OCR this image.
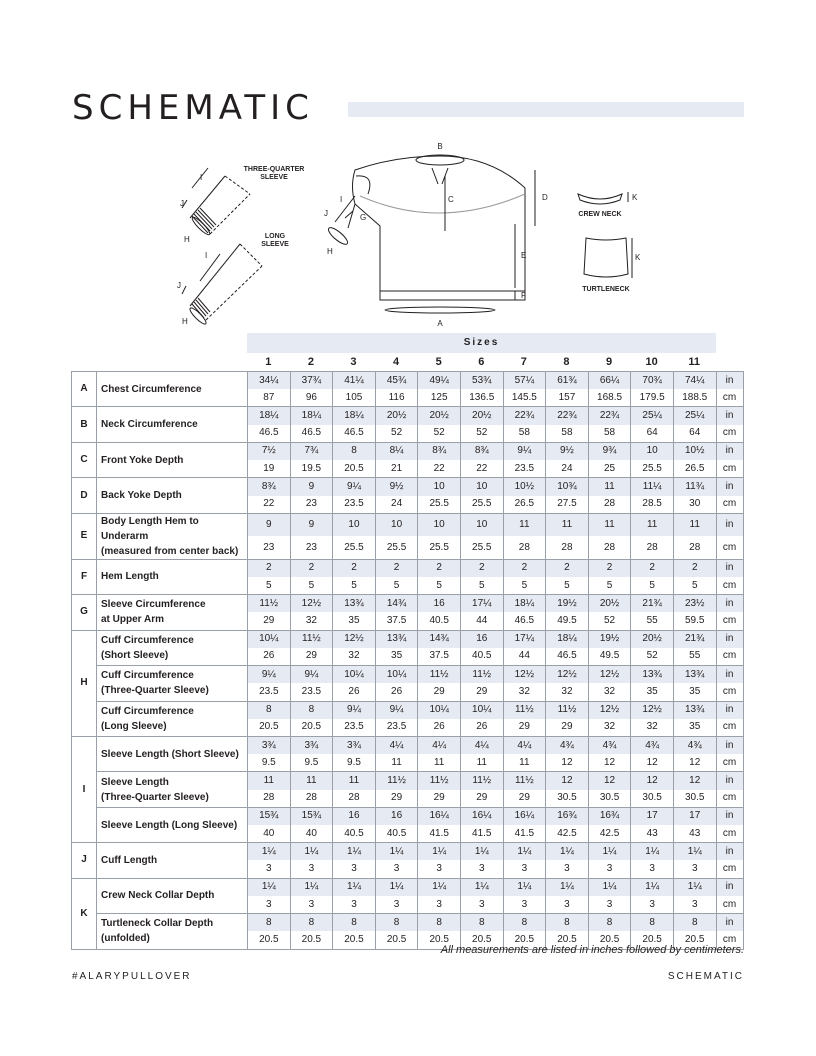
SCHEMATIC
I
J
H
THREE-QUARTER
SLEEVE
I
J
H
LONG
SLEEVE
B
C	D
E
F
A
G
I
J
H
K
CREW NECK
K
TURTLENECK
Sizes
1	2	3	4	5	6	7	8	9	10	11
A	Chest Circumference	34¼	37¾	41¼	45¾	49¼	53¾	57¼	61¾	66¼	70¾	74¼	in
		87	96	105	116	125	136.5	145.5	157	168.5	179.5	188.5	cm
B	Neck Circumference	18¼	18¼	18¼	20½	20½	20½	22¾	22¾	22¾	25¼	25¼	in
		46.5	46.5	46.5	52	52	52	58	58	58	64	64	cm
C	Front Yoke Depth	7½	7¾	8	8¼	8¾	8¾	9¼	9½	9¾	10	10½	in
		19	19.5	20.5	21	22	22	23.5	24	25	25.5	26.5	cm
D	Back Yoke Depth	8¾	9	9¼	9½	10	10	10½	10¾	11	11¼	11¾	in
		22	23	23.5	24	25.5	25.5	26.5	27.5	28	28.5	30	cm
E	Body Length Hem to Underarm
(measured from center back)	9	9	10	10	10	10	11	11	11	11	11	in
		23	23	25.5	25.5	25.5	25.5	28	28	28	28	28	cm
F	Hem Length	2	2	2	2	2	2	2	2	2	2	2	in
		5	5	5	5	5	5	5	5	5	5	5	cm
G	Sleeve Circumference
at Upper Arm	11½	12½	13¾	14¾	16	17¼	18¼	19½	20½	21¾	23½	in
		29	32	35	37.5	40.5	44	46.5	49.5	52	55	59.5	cm
H	Cuff Circumference
(Short Sleeve)	10¼	11½	12½	13¾	14¾	16	17¼	18¼	19½	20½	21¾	in
		26	29	32	35	37.5	40.5	44	46.5	49.5	52	55	cm

	Cuff Circumference
(Three-Quarter Sleeve)	9¼	9¼	10¼	10¼	11½	11½	12½	12½	12½	13¾	13¾	in
		23.5	23.5	26	26	29	29	32	32	32	35	35	cm

	Cuff Circumference
(Long Sleeve)	8	8	9¼	9¼	10¼	10¼	11½	11½	12½	12½	13¾	in
		20.5	20.5	23.5	23.5	26	26	29	29	32	32	35	cm
I	Sleeve Length (Short Sleeve)	3¾	3¾	3¾	4¼	4¼	4¼	4¼	4¾	4¾	4¾	4¾	in
		9.5	9.5	9.5	11	11	11	11	12	12	12	12	cm

	Sleeve Length
(Three-Quarter Sleeve)	11	11	11	11½	11½	11½	11½	12	12	12	12	in
		28	28	28	29	29	29	29	30.5	30.5	30.5	30.5	cm

	Sleeve Length (Long Sleeve)	15¾	15¾	16	16	16¼	16¼	16¼	16¾	16¾	17	17	in
		40	40	40.5	40.5	41.5	41.5	41.5	42.5	42.5	43	43	cm
J	Cuff Length	1¼	1¼	1¼	1¼	1¼	1¼	1¼	1¼	1¼	1¼	1¼	in
		3	3	3	3	3	3	3	3	3	3	3	cm
K	Crew Neck Collar Depth	1¼	1¼	1¼	1¼	1¼	1¼	1¼	1¼	1¼	1¼	1¼	in
		3	3	3	3	3	3	3	3	3	3	3	cm

	Turtleneck Collar Depth
(unfolded)	8	8	8	8	8	8	8	8	8	8	8	in
		20.5	20.5	20.5	20.5	20.5	20.5	20.5	20.5	20.5	20.5	20.5	cm
All measurements are listed in inches followed by centimeters.
#ALARYPULLOVER	SCHEMATIC
